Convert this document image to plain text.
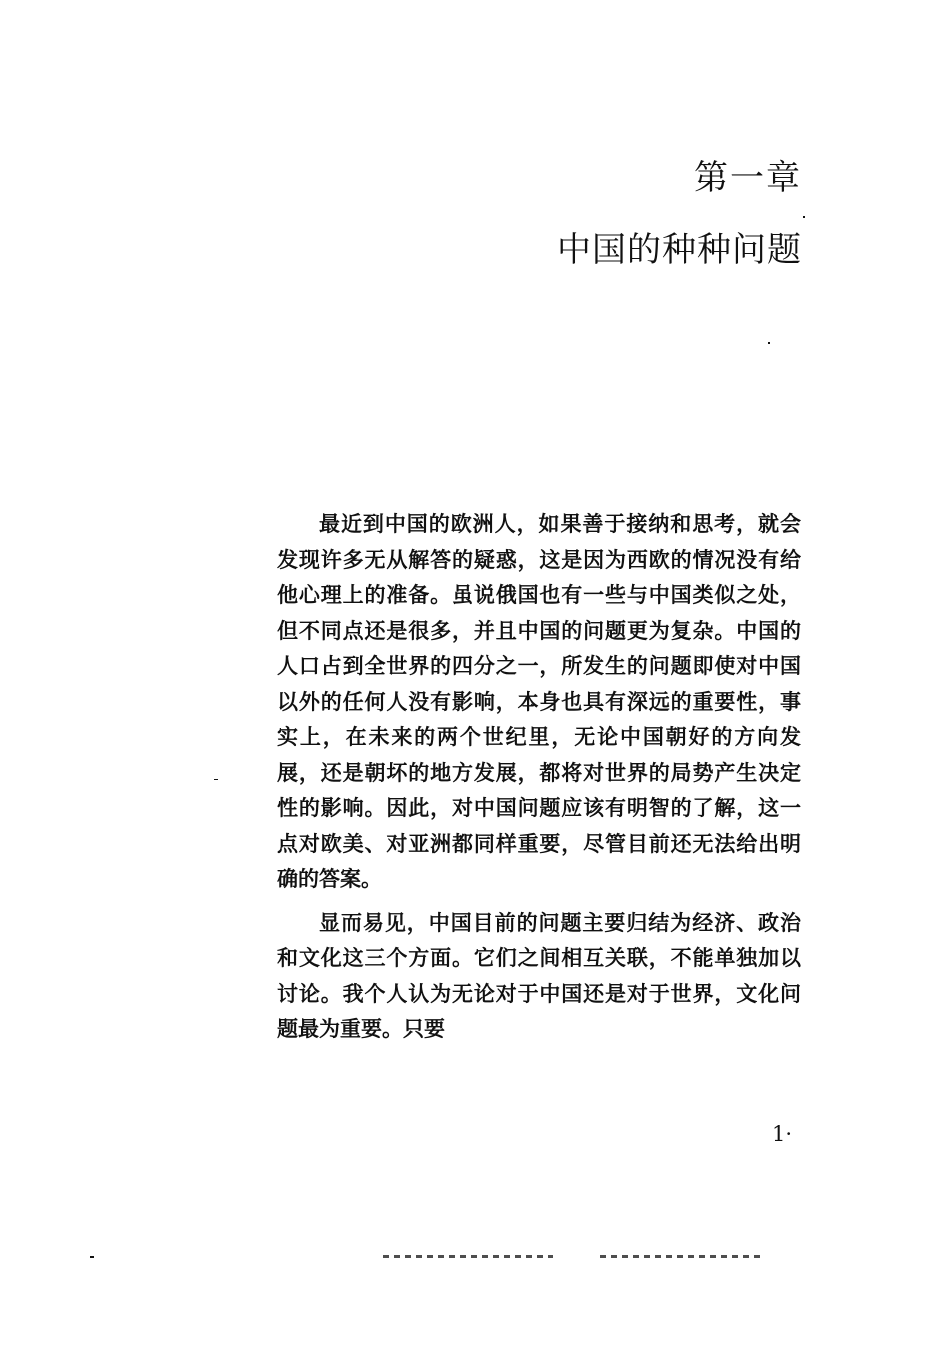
第一章
中国的种种问题

最近到中国的欧洲人，如果善于接纳和思考，就会发现许多无从解答的疑惑，这是因为西欧的情况没有给他心理上的准备。虽说俄国也有一些与中国类似之处，但不同点还是很多，并且中国的问题更为复杂。中国的人口占到全世界的四分之一，所发生的问题即使对中国以外的任何人没有影响，本身也具有深远的重要性，事实上，在未来的两个世纪里，无论中国朝好的方向发展，还是朝坏的地方发展，都将对世界的局势产生决定性的影响。因此，对中国问题应该有明智的了解，这一点对欧美、对亚洲都同样重要，尽管目前还无法给出明确的答案。

显而易见，中国目前的问题主要归结为经济、政治和文化这三个方面。它们之间相互关联，不能单独加以讨论。我个人认为无论对于中国还是对于世界，文化问题最为重要。只要

1·
